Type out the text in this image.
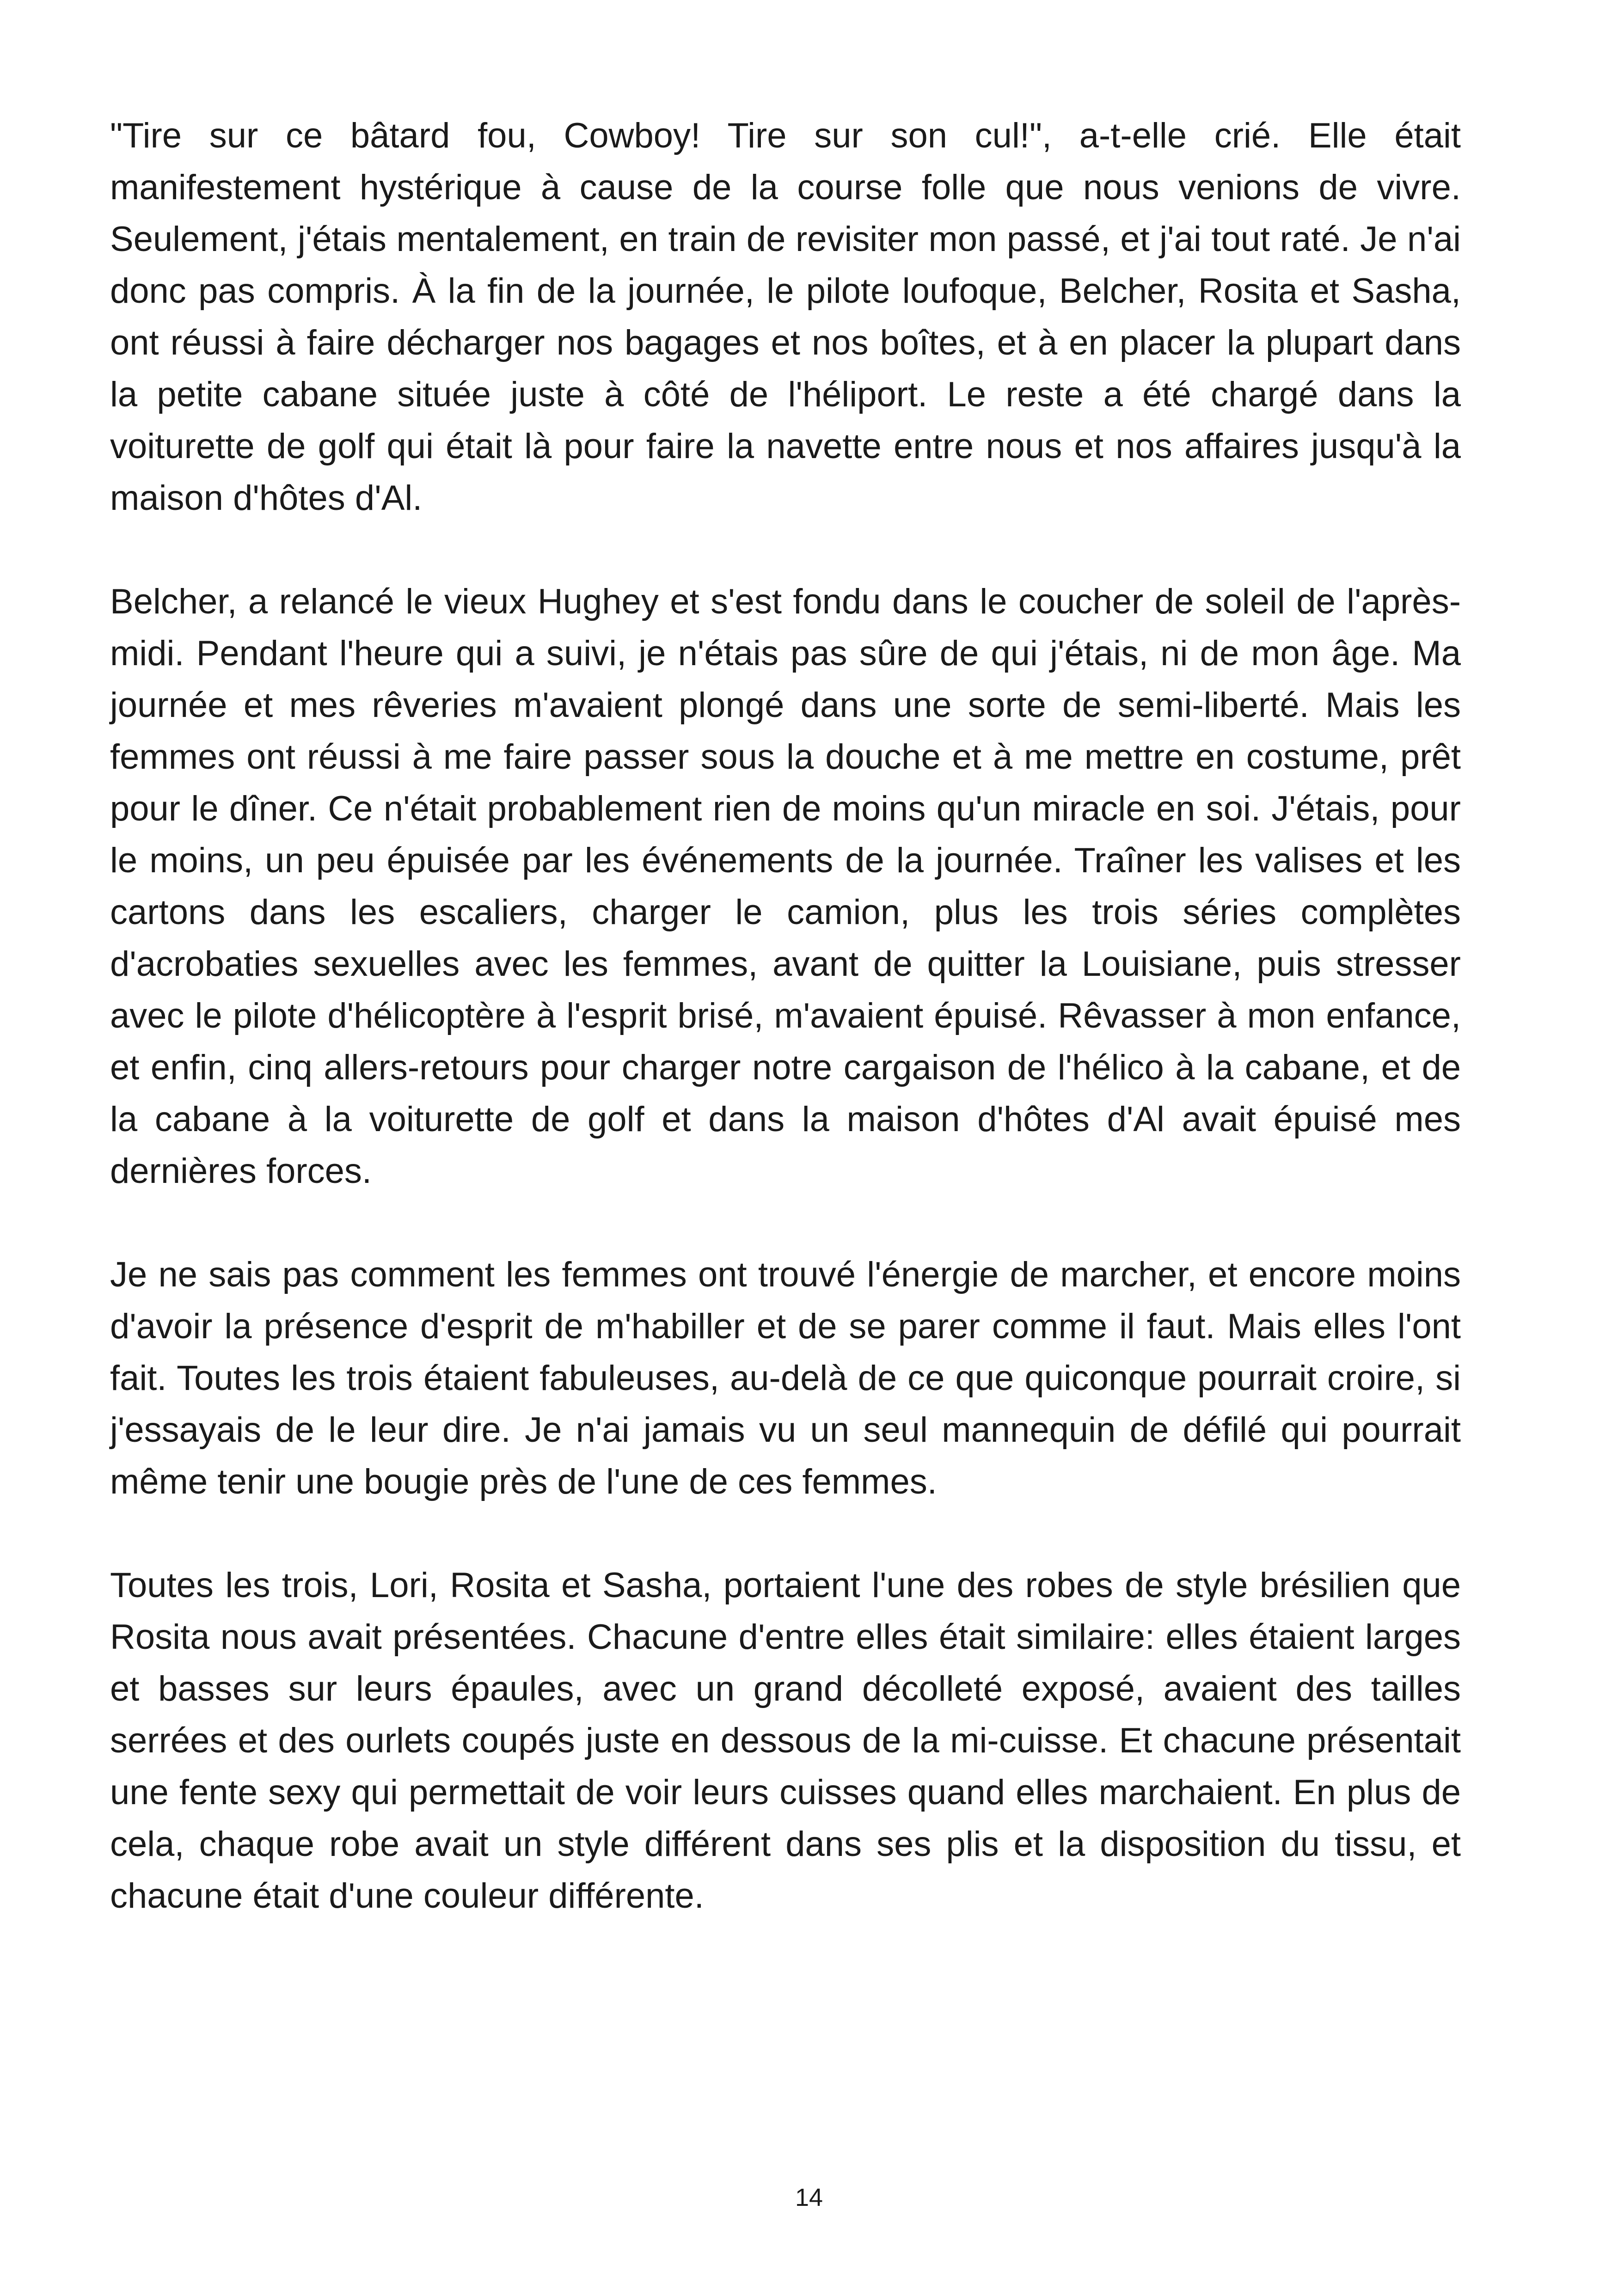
"Tire sur ce bâtard fou, Cowboy! Tire sur son cul!", a-t-elle crié. Elle était manifestement hystérique à cause de la course folle que nous venions de vivre. Seulement, j'étais mentalement, en train de revisiter mon passé, et j'ai tout raté. Je n'ai donc pas compris. À la fin de la journée, le pilote loufoque, Belcher, Rosita et Sasha, ont réussi à faire décharger nos bagages et nos boîtes, et à en placer la plupart dans la petite cabane située juste à côté de l'héliport. Le reste a été chargé dans la voiturette de golf qui était là pour faire la navette entre nous et nos affaires jusqu'à la maison d'hôtes d'Al.

Belcher, a relancé le vieux Hughey et s'est fondu dans le coucher de soleil de l'après-midi. Pendant l'heure qui a suivi, je n'étais pas sûre de qui j'étais, ni de mon âge. Ma journée et mes rêveries m'avaient plongé dans une sorte de semi-liberté. Mais les femmes ont réussi à me faire passer sous la douche et à me mettre en costume, prêt pour le dîner. Ce n'était probablement rien de moins qu'un miracle en soi. J'étais, pour le moins, un peu épuisée par les événements de la journée. Traîner les valises et les cartons dans les escaliers, charger le camion, plus les trois séries complètes d'acrobaties sexuelles avec les femmes, avant de quitter la Louisiane, puis stresser avec le pilote d'hélicoptère à l'esprit brisé, m'avaient épuisé. Rêvasser à mon enfance, et enfin, cinq allers-retours pour charger notre cargaison de l'hélico à la cabane, et de la cabane à la voiturette de golf et dans la maison d'hôtes d'Al avait épuisé mes dernières forces.

Je ne sais pas comment les femmes ont trouvé l'énergie de marcher, et encore moins d'avoir la présence d'esprit de m'habiller et de se parer comme il faut. Mais elles l'ont fait. Toutes les trois étaient fabuleuses, au-delà de ce que quiconque pourrait croire, si j'essayais de le leur dire. Je n'ai jamais vu un seul mannequin de défilé qui pourrait même tenir une bougie près de l'une de ces femmes.

Toutes les trois, Lori, Rosita et Sasha, portaient l'une des robes de style brésilien que Rosita nous avait présentées. Chacune d'entre elles était similaire: elles étaient larges et basses sur leurs épaules, avec un grand décolleté exposé, avaient des tailles serrées et des ourlets coupés juste en dessous de la mi-cuisse. Et chacune présentait une fente sexy qui permettait de voir leurs cuisses quand elles marchaient. En plus de cela, chaque robe avait un style différent dans ses plis et la disposition du tissu, et chacune était d'une couleur différente.

14
